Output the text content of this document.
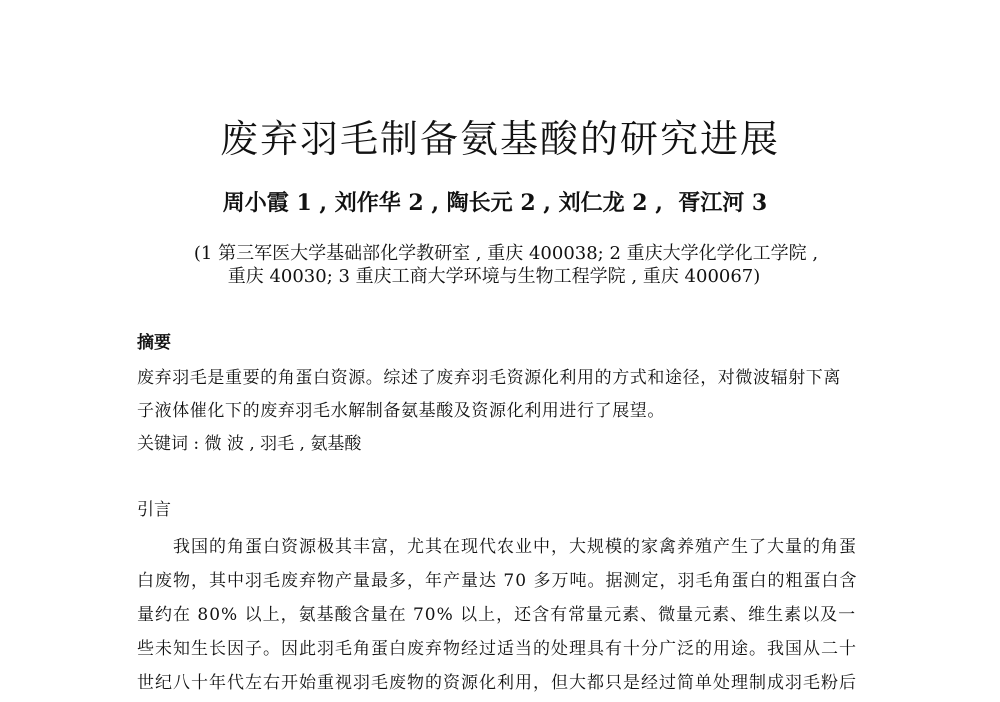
废弃羽毛制备氨基酸的研究进展
周小霞 1 , 刘作华 2 , 陶长元 2 , 刘仁龙 2 ,  胥江河 3
(1 第三军医大学基础部化学教研室 , 重庆 400038; 2 重庆大学化学化工学院 ,
重庆 40030; 3 重庆工商大学环境与生物工程学院 , 重庆 400067)
摘要
废弃羽毛是重要的角蛋白资源。综述了废弃羽毛资源化利用的方式和途径，对微波辐射下离
子液体催化下的废弃羽毛水解制备氨基酸及资源化利用进行了展望。
关键词 : 微 波 , 羽毛 , 氨基酸
引言
　　我国的角蛋白资源极其丰富，尤其在现代农业中，大规模的家禽养殖产生了大量的角蛋
白废物，其中羽毛废弃物产量最多，年产量达 70 多万吨。据测定，羽毛角蛋白的粗蛋白含
量约在 80% 以上，氨基酸含量在 70% 以上，还含有常量元素、微量元素、维生素以及一
些未知生长因子。因此羽毛角蛋白废弃物经过适当的处理具有十分广泛的用途。我国从二十
世纪八十年代左右开始重视羽毛废物的资源化利用，但大都只是经过简单处理制成羽毛粉后
